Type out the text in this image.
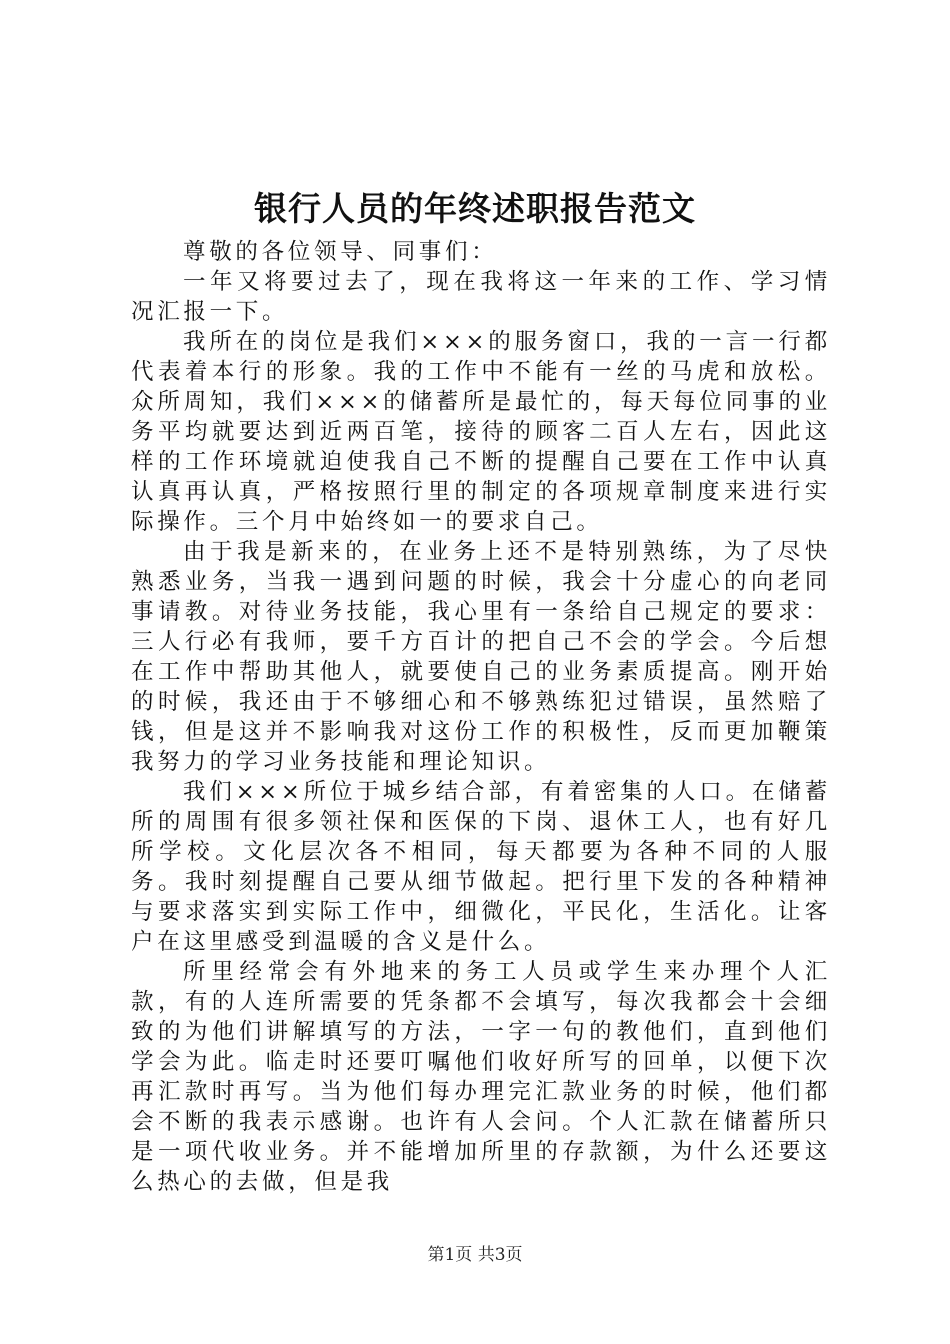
银行人员的年终述职报告范文

尊敬的各位领导、同事们：

一年又将要过去了，现在我将这一年来的工作、学习情况汇报一下。

我所在的岗位是我们×××的服务窗口，我的一言一行都代表着本行的形象。我的工作中不能有一丝的马虎和放松。众所周知，我们×××的储蓄所是最忙的，每天每位同事的业务平均就要达到近两百笔，接待的顾客二百人左右，因此这样的工作环境就迫使我自己不断的提醒自己要在工作中认真认真再认真，严格按照行里的制定的各项规章制度来进行实际操作。三个月中始终如一的要求自己。

由于我是新来的，在业务上还不是特别熟练，为了尽快熟悉业务，当我一遇到问题的时候，我会十分虚心的向老同事请教。对待业务技能，我心里有一条给自己规定的要求：三人行必有我师，要千方百计的把自己不会的学会。今后想在工作中帮助其他人，就要使自己的业务素质提高。刚开始的时候，我还由于不够细心和不够熟练犯过错误，虽然赔了钱，但是这并不影响我对这份工作的积极性，反而更加鞭策我努力的学习业务技能和理论知识。

我们×××所位于城乡结合部，有着密集的人口。在储蓄所的周围有很多领社保和医保的下岗、退休工人，也有好几所学校。文化层次各不相同，每天都要为各种不同的人服务。我时刻提醒自己要从细节做起。把行里下发的各种精神与要求落实到实际工作中，细微化，平民化，生活化。让客户在这里感受到温暖的含义是什么。

所里经常会有外地来的务工人员或学生来办理个人汇款，有的人连所需要的凭条都不会填写，每次我都会十会细致的为他们讲解填写的方法，一字一句的教他们，直到他们学会为此。临走时还要叮嘱他们收好所写的回单，以便下次再汇款时再写。当为他们每办理完汇款业务的时候，他们都会不断的我表示感谢。也许有人会问。个人汇款在储蓄所只是一项代收业务。并不能增加所里的存款额，为什么还要这么热心的去做，但是我

第1页 共3页
